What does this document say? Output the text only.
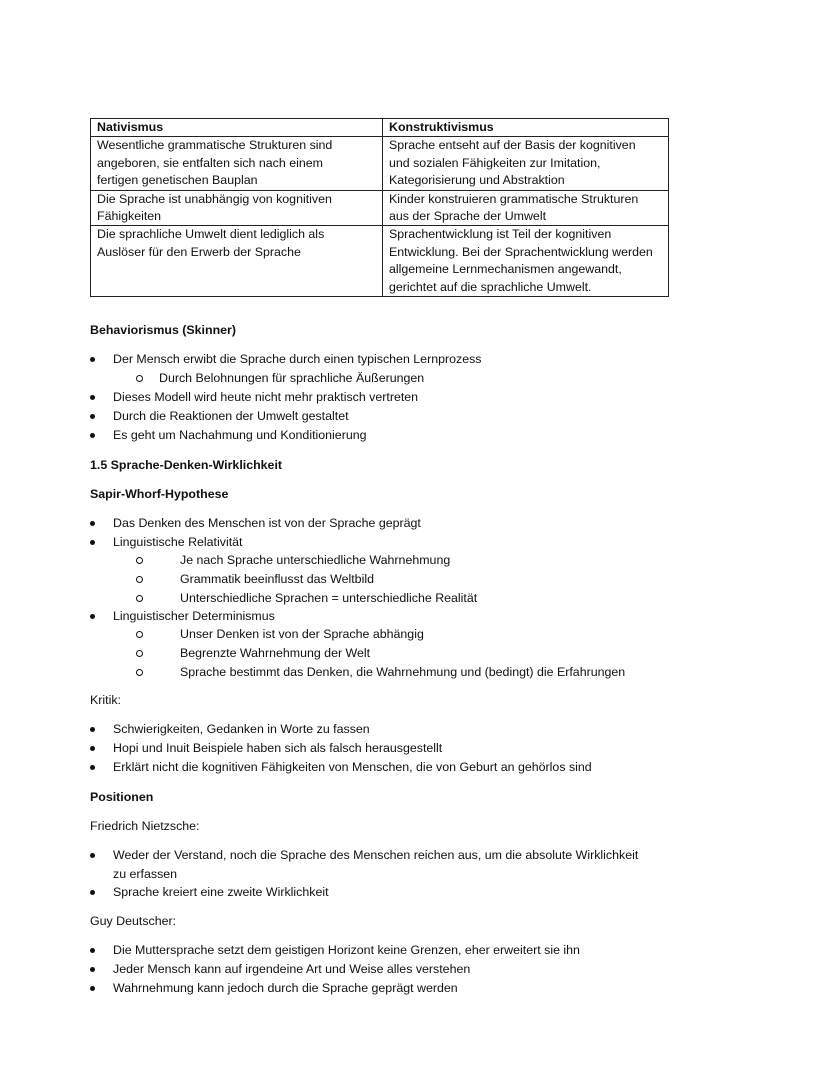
Nativismus	Konstruktivismus

Wesentliche grammatische Strukturen sind
angeboren, sie entfalten sich nach einem
fertigen genetischen Bauplan	Sprache entseht auf der Basis der kognitiven
und sozialen Fähigkeiten zur Imitation,
Kategorisierung und Abstraktion

Die Sprache ist unabhängig von kognitiven
Fähigkeiten	Kinder konstruieren grammatische Strukturen
aus der Sprache der Umwelt

Die sprachliche Umwelt dient lediglich als
Auslöser für den Erwerb der Sprache	Sprachentwicklung ist Teil der kognitiven
Entwicklung. Bei der Sprachentwicklung werden
allgemeine Lernmechanismen angewandt,
gerichtet auf die sprachliche Umwelt.
Behaviorismus (Skinner)
Der Mensch erwibt die Sprache durch einen typischen Lernprozess
Durch Belohnungen für sprachliche Äußerungen
Dieses Modell wird heute nicht mehr praktisch vertreten
Durch die Reaktionen der Umwelt gestaltet
Es geht um Nachahmung und Konditionierung
1.5 Sprache-Denken-Wirklichkeit
Sapir-Whorf-Hypothese
Das Denken des Menschen ist von der Sprache geprägt
Linguistische Relativität
Je nach Sprache unterschiedliche Wahrnehmung
Grammatik beeinflusst das Weltbild
Unterschiedliche Sprachen = unterschiedliche Realität
Linguistischer Determinismus
Unser Denken ist von der Sprache abhängig
Begrenzte Wahrnehmung der Welt
Sprache bestimmt das Denken, die Wahrnehmung und (bedingt) die Erfahrungen
Kritik:
Schwierigkeiten, Gedanken in Worte zu fassen
Hopi und Inuit Beispiele haben sich als falsch herausgestellt
Erklärt nicht die kognitiven Fähigkeiten von Menschen, die von Geburt an gehörlos sind
Positionen
Friedrich Nietzsche:
Weder der Verstand, noch die Sprache des Menschen reichen aus, um die absolute Wirklichkeit
zu erfassen
Sprache kreiert eine zweite Wirklichkeit
Guy Deutscher:
Die Muttersprache setzt dem geistigen Horizont keine Grenzen, eher erweitert sie ihn
Jeder Mensch kann auf irgendeine Art und Weise alles verstehen
Wahrnehmung kann jedoch durch die Sprache geprägt werden
